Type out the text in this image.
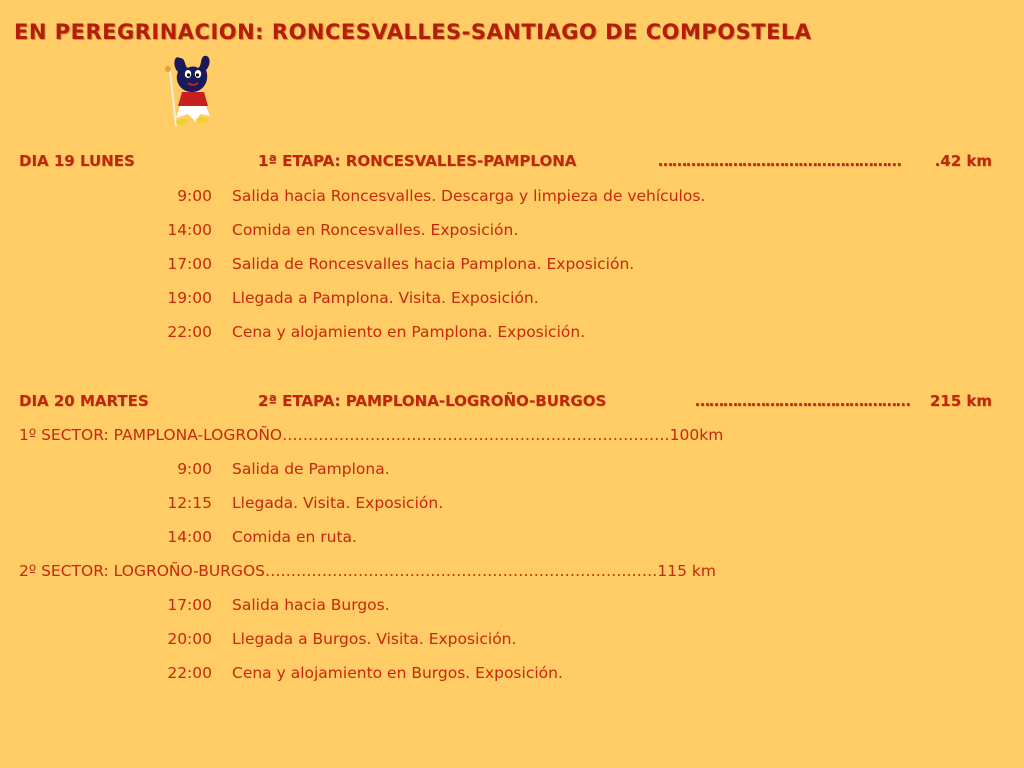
EN PEREGRINACION: RONCESVALLES-SANTIAGO DE COMPOSTELA
DIA 19 LUNES	1ª ETAPA: RONCESVALLES-PAMPLONA	………………………….………………… .42 km
9:00 Salida hacia Roncesvalles. Descarga y limpieza de vehículos.
14:00 Comida en Roncesvalles. Exposición.
17:00 Salida de Roncesvalles hacia Pamplona. Exposición.
19:00 Llegada a Pamplona. Visita. Exposición.
22:00 Cena y alojamiento en Pamplona. Exposición.
DIA 20 MARTES	2ª ETAPA: PAMPLONA-LOGROÑO-BURGOS	……………………………….……… 215 km
1º SECTOR: PAMPLONA-LOGROÑO…………………………………………………………………100km
9:00 Salida de Pamplona.
12:15 Llegada. Visita. Exposición.
14:00 Comida en ruta.
2º SECTOR: LOGROÑO-BURGOS…………………………………………………………….……115 km
17:00 Salida hacia Burgos.
20:00 Llegada a Burgos. Visita. Exposición.
22:00 Cena y alojamiento en Burgos. Exposición.
